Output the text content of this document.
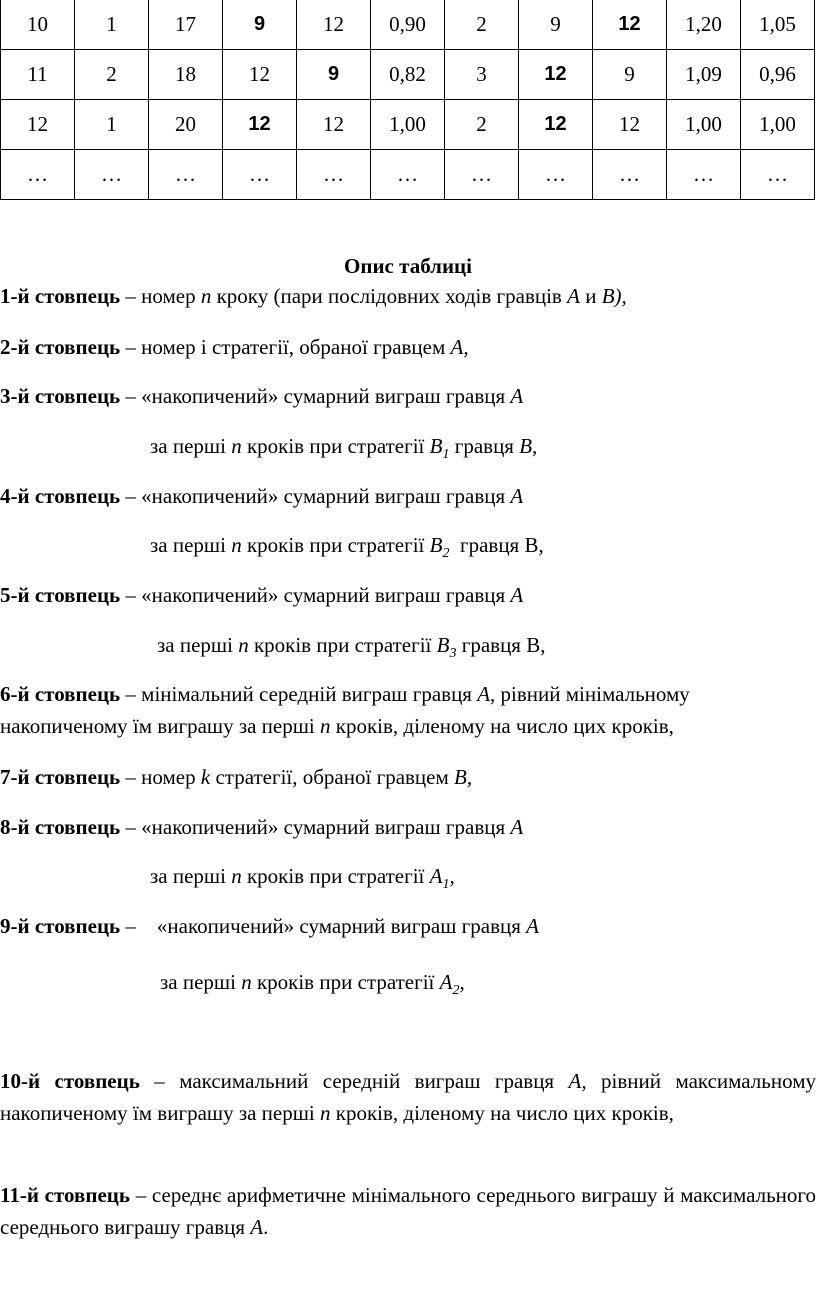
10	1	17	9	12	0,90	2	9	12	1,20	1,05
11	2	18	12	9	0,82	3	12	9	1,09	0,96
12	1	20	12	12	1,00	2	12	12	1,00	1,00
…	…	…	…	…	…	…	…	…	…	…
Опис таблиці
1-й стовпець – номер n кроку (пари послідовних ходів гравців A и B),
2-й стовпець – номер і стратегії, обраної гравцем A,
3-й стовпець – «накопичений» сумарний виграш гравця A
за перші n кроків при стратегії $B_1$ гравця B,
4-й стовпець – «накопичений» сумарний виграш гравця A
за перші n кроків при стратегії $B_2$  гравця В,
5-й стовпець – «накопичений» сумарний виграш гравця A
за перші n кроків при стратегії $B_3$ гравця В,
6-й стовпець – мінімальний середній виграш гравця A, рівний мінімальному
накопиченому їм виграшу за перші n кроків, діленому на число цих кроків,
7-й стовпець – номер k стратегії, обраної гравцем B,
8-й стовпець – «накопичений» сумарний виграш гравця A
за перші n кроків при стратегії $A_1$,
9-й стовпець –    «накопичений» сумарний виграш гравця A
за перші n кроків при стратегії $A_2$,
10-й стовпець – максимальний середній виграш гравця A, рівний максимальному накопиченому їм виграшу за перші n кроків, діленому на число цих кроків,
11-й стовпець – середнє арифметичне мінімального середнього виграшу й максимального середнього виграшу гравця A.
